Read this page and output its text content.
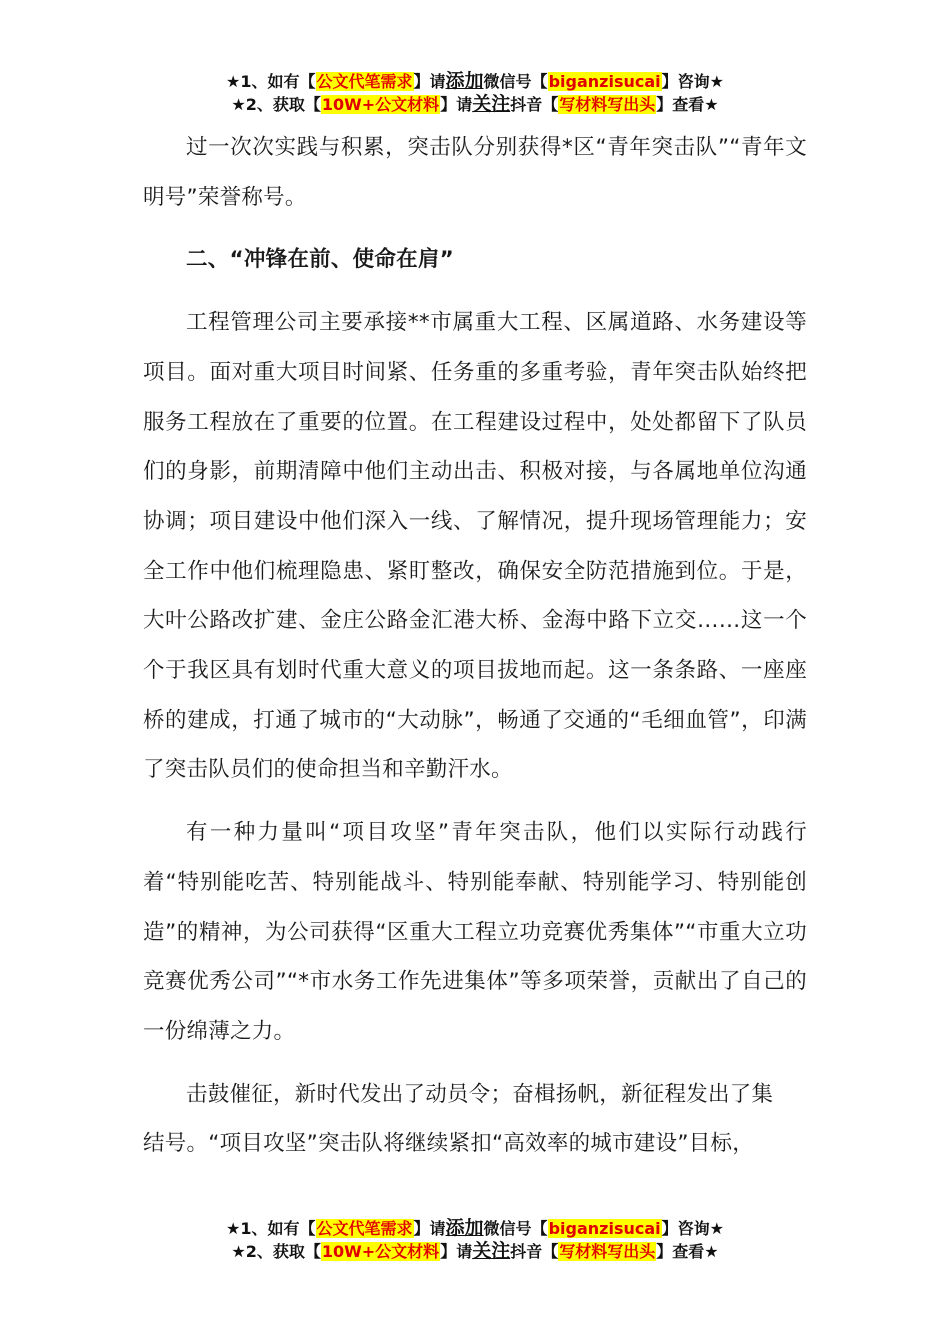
★1、如有【公文代笔需求】请添加微信号【biganzisucai】咨询★
★2、获取【10W+公文材料】请关注抖音【写材料写出头】查看★

过一次次实践与积累，突击队分别获得*区“青年突击队”“青年文明号”荣誉称号。

二、“冲锋在前、使命在肩”

工程管理公司主要承接**市属重大工程、区属道路、水务建设等项目。面对重大项目时间紧、任务重的多重考验，青年突击队始终把服务工程放在了重要的位置。在工程建设过程中，处处都留下了队员们的身影，前期清障中他们主动出击、积极对接，与各属地单位沟通协调；项目建设中他们深入一线、了解情况，提升现场管理能力；安全工作中他们梳理隐患、紧盯整改，确保安全防范措施到位。于是，大叶公路改扩建、金庄公路金汇港大桥、金海中路下立交……这一个个于我区具有划时代重大意义的项目拔地而起。这一条条路、一座座桥的建成，打通了城市的“大动脉”，畅通了交通的“毛细血管”，印满了突击队员们的使命担当和辛勤汗水。

有一种力量叫“项目攻坚”青年突击队，他们以实际行动践行着“特别能吃苦、特别能战斗、特别能奉献、特别能学习、特别能创造”的精神，为公司获得“区重大工程立功竞赛优秀集体”“市重大立功竞赛优秀公司”“*市水务工作先进集体”等多项荣誉，贡献出了自己的一份绵薄之力。

击鼓催征，新时代发出了动员令；奋楫扬帆，新征程发出了集

结号。“项目攻坚”突击队将继续紧扣“高效率的城市建设”目标，

★1、如有【公文代笔需求】请添加微信号【biganzisucai】咨询★
★2、获取【10W+公文材料】请关注抖音【写材料写出头】查看★
